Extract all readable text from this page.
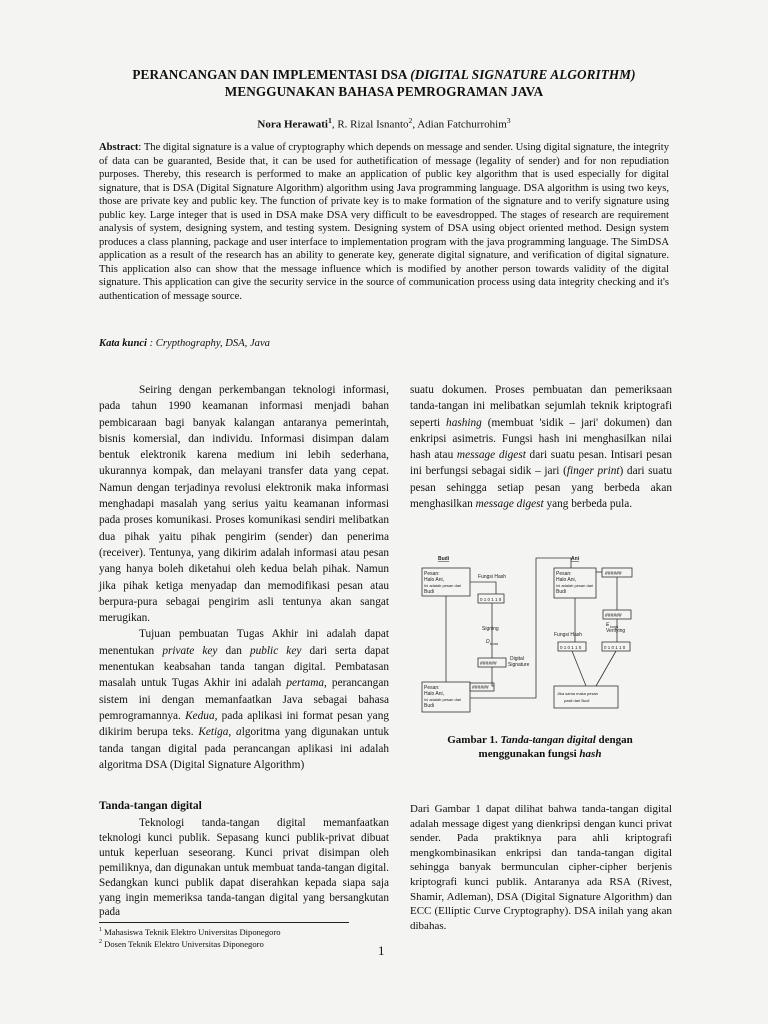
PERANCANGAN DAN IMPLEMENTASI DSA (DIGITAL SIGNATURE ALGORITHM)
MENGGUNAKAN BAHASA PEMROGRAMAN JAVA
Nora Herawati$^1$, R. Rizal Isnanto$^2$, Adian Fatchurrohim$^3$
Abstract: The digital signature is a value of cryptography which depends on message and sender. Using digital signature, the integrity of data can be guaranted, Beside that, it can be used for authetification of message (legality of sender) and for non repudiation purposes. Thereby, this research is performed to make an application of public key algorithm that is used especially for digital signature, that is DSA (Digital Signature Algorithm) algorithm using Java programming language. DSA algorithm is using two keys, those are private key and public key. The function of private key is to make formation of the signature and to verify signature using public key. Large integer that is used in DSA make DSA very difficult to be eavesdropped. The stages of research are requirement analysis of system, designing system, and testing system. Designing system of DSA using object oriented method. Design system produces a class planning, package and user interface to implementation program with the java programming language. The SimDSA application as a result of the research has an ability to generate key, generate digital signature, and verification of digital signature. This application also can show that the message influence which is modified by another person towards validity of the digital signature. This application can give the security service in the source of communication process using data integrity checking and it's authentication of message source.
Kata kunci : Crypthography, DSA, Java

Seiring dengan perkembangan teknologi informasi, pada tahun 1990 keamanan informasi menjadi bahan pembicaraan bagi banyak kalangan antaranya pemerintah, bisnis komersial, dan individu. Informasi disimpan dalam bentuk elektronik karena medium ini lebih sederhana, ukurannya kompak, dan melayani transfer data yang cepat. Namun dengan terjadinya revolusi elektronik maka informasi menghadapi masalah yang serius yaitu keamanan informasi pada proses komunikasi. Proses komunikasi sendiri melibatkan dua pihak yaitu pihak pengirim (sender) dan penerima (receiver). Tentunya, yang dikirim adalah informasi atau pesan yang hanya boleh diketahui oleh kedua belah pihak. Namun jika pihak ketiga menyadap dan memodifikasi pesan atau berpura-pura sebagai pengirim asli tentunya akan sangat merugikan.

Tujuan pembuatan Tugas Akhir ini adalah dapat menentukan private key dan public key dari serta dapat menentukan keabsahan tanda tangan digital. Pembatasan masalah untuk Tugas Akhir ini adalah pertama, perancangan sistem ini dengan memanfaatkan Java sebagai bahasa pemrogramannya. Kedua, pada aplikasi ini format pesan yang dikirim berupa teks. Ketiga, algoritma yang digunakan untuk tanda tangan digital pada perancangan aplikasi ini adalah algoritma DSA (Digital Signature Algorithm)

Tanda-tangan digital

Teknologi tanda-tangan digital memanfaatkan teknologi kunci publik. Sepasang kunci publik-privat dibuat untuk keperluan seseorang. Kunci privat disimpan oleh pemiliknya, dan digunakan untuk membuat tanda-tangan digital. Sedangkan kunci publik dapat diserahkan kepada siapa saja yang ingin memeriksa tanda-tangan digital yang bersangkutan pada

suatu dokumen. Proses pembuatan dan pemeriksaan tanda-tangan ini melibatkan sejumlah teknik kriptografi seperti hashing (membuat 'sidik – jari' dokumen) dan enkripsi asimetris. Fungsi hash ini menghasilkan nilai hash atau message digest dari suatu pesan. Intisari pesan ini berfungsi sebagai sidik – jari (finger print) dari suatu pesan sehingga setiap pesan yang berbeda akan menghasilkan message digest yang berbeda pula.

Budi	Ani
Fungsi Hash
Fungsi Hash
Pesan:
Halo Ani,
Ini adalah pesan dari
Budi
Pesan:
Halo Ani,
Ini adalah pesan dari
Budi
Pesan:
Halo Ani,
Ini adalah pesan dari
Budi
0 1 0 1 1 0
0 1 0 1 1 0	0 1 0 1 1 0
######
######
######
######
Signing
D kunci
Digital
Signature
Verifying
E kunci
Jika sama maka pesan
pasti dari Budi
Gambar 1. Tanda-tangan digital dengan menggunakan fungsi hash

Dari Gambar 1 dapat dilihat bahwa tanda-tangan digital adalah message digest yang dienkripsi dengan kunci privat sender. Pada praktiknya para ahli kriptografi mengkombinasikan enkripsi dan tanda-tangan digital sehingga banyak bermunculan cipher-cipher berjenis kriptografi kunci publik. Antaranya ada RSA (Rivest, Shamir, Adleman), DSA (Digital Signature Algorithm) dan ECC (Elliptic Curve Cryptography). DSA inilah yang akan dibahas.

$^1$ Mahasiswa Teknik Elektro Universitas Diponegoro
$^2$ Dosen Teknik Elektro Universitas Diponegoro	1
